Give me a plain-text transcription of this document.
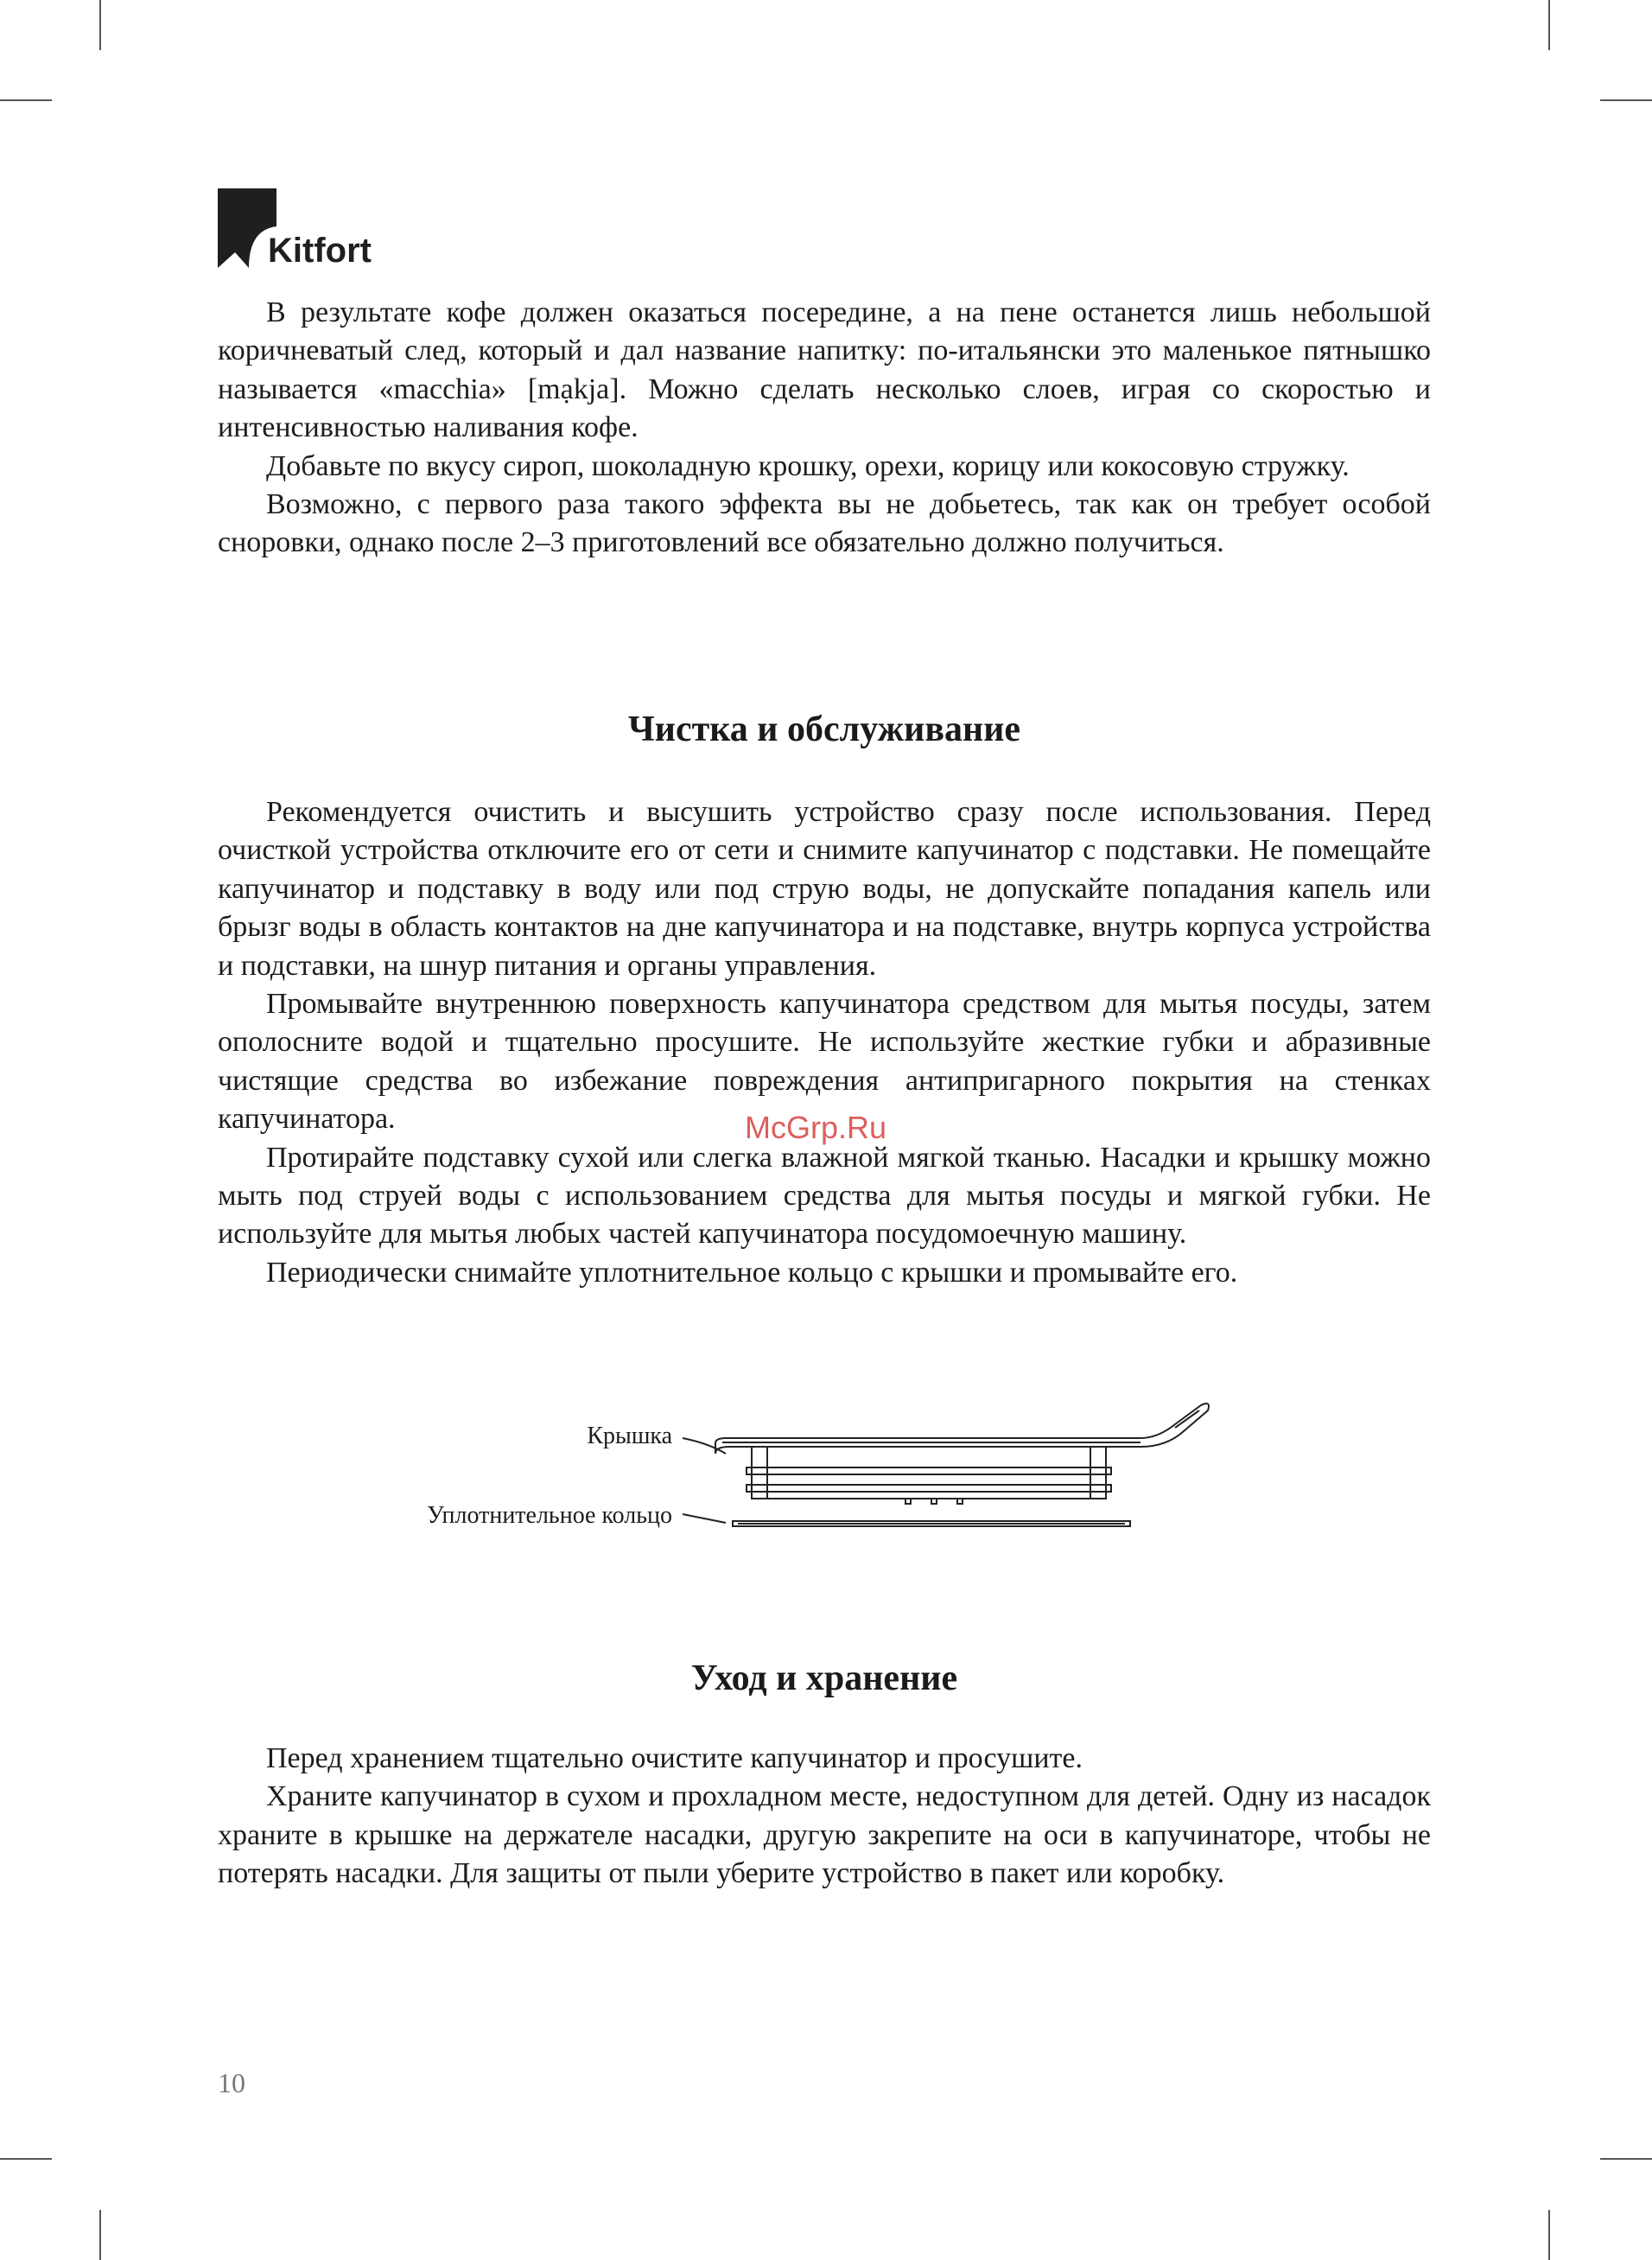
Kitfort

В результате кофе должен оказаться посередине, а на пене останется лишь небольшой коричневатый след, который и дал название напитку: по-итальянски это маленькое пятнышко называется «macchia» [mạkja]. Можно сделать несколько слоев, играя со скоростью и интенсивностью наливания кофе.

Добавьте по вкусу сироп, шоколадную крошку, орехи, корицу или кокосовую стружку.

Возможно, с первого раза такого эффекта вы не добьетесь, так как он требует особой сноровки, однако после 2–3 приготовлений все обязательно должно получиться.

Чистка и обслуживание

Рекомендуется очистить и высушить устройство сразу после использования. Перед очисткой устройства отключите его от сети и снимите капучинатор с подставки. Не помещайте капучинатор и подставку в воду или под струю воды, не допускайте попадания капель или брызг воды в область контактов на дне капучинатора и на подставке, внутрь корпуса устройства и подставки, на шнур питания и органы управления.

Промывайте внутреннюю поверхность капучинатора средством для мытья посуды, затем ополосните водой и тщательно просушите. Не используйте жесткие губки и абразивные чистящие средства во избежание повреждения антипригарного покрытия на стенках капучинатора.

Протирайте подставку сухой или слегка влажной мягкой тканью. Насадки и крышку можно мыть под струей воды с использованием средства для мытья посуды и мягкой губки. Не используйте для мытья любых частей капучинатора посудомоечную машину.

Периодически снимайте уплотнительное кольцо с крышки и промывайте его.

McGrp.Ru
Крышка
Уплотнительное кольцо
Уход и хранение

Перед хранением тщательно очистите капучинатор и просушите.

Храните капучинатор в сухом и прохладном месте, недоступном для детей. Одну из насадок храните в крышке на держателе насадки, другую закрепите на оси в капучинаторе, чтобы не потерять насадки. Для защиты от пыли уберите устройство в пакет или коробку.

10
